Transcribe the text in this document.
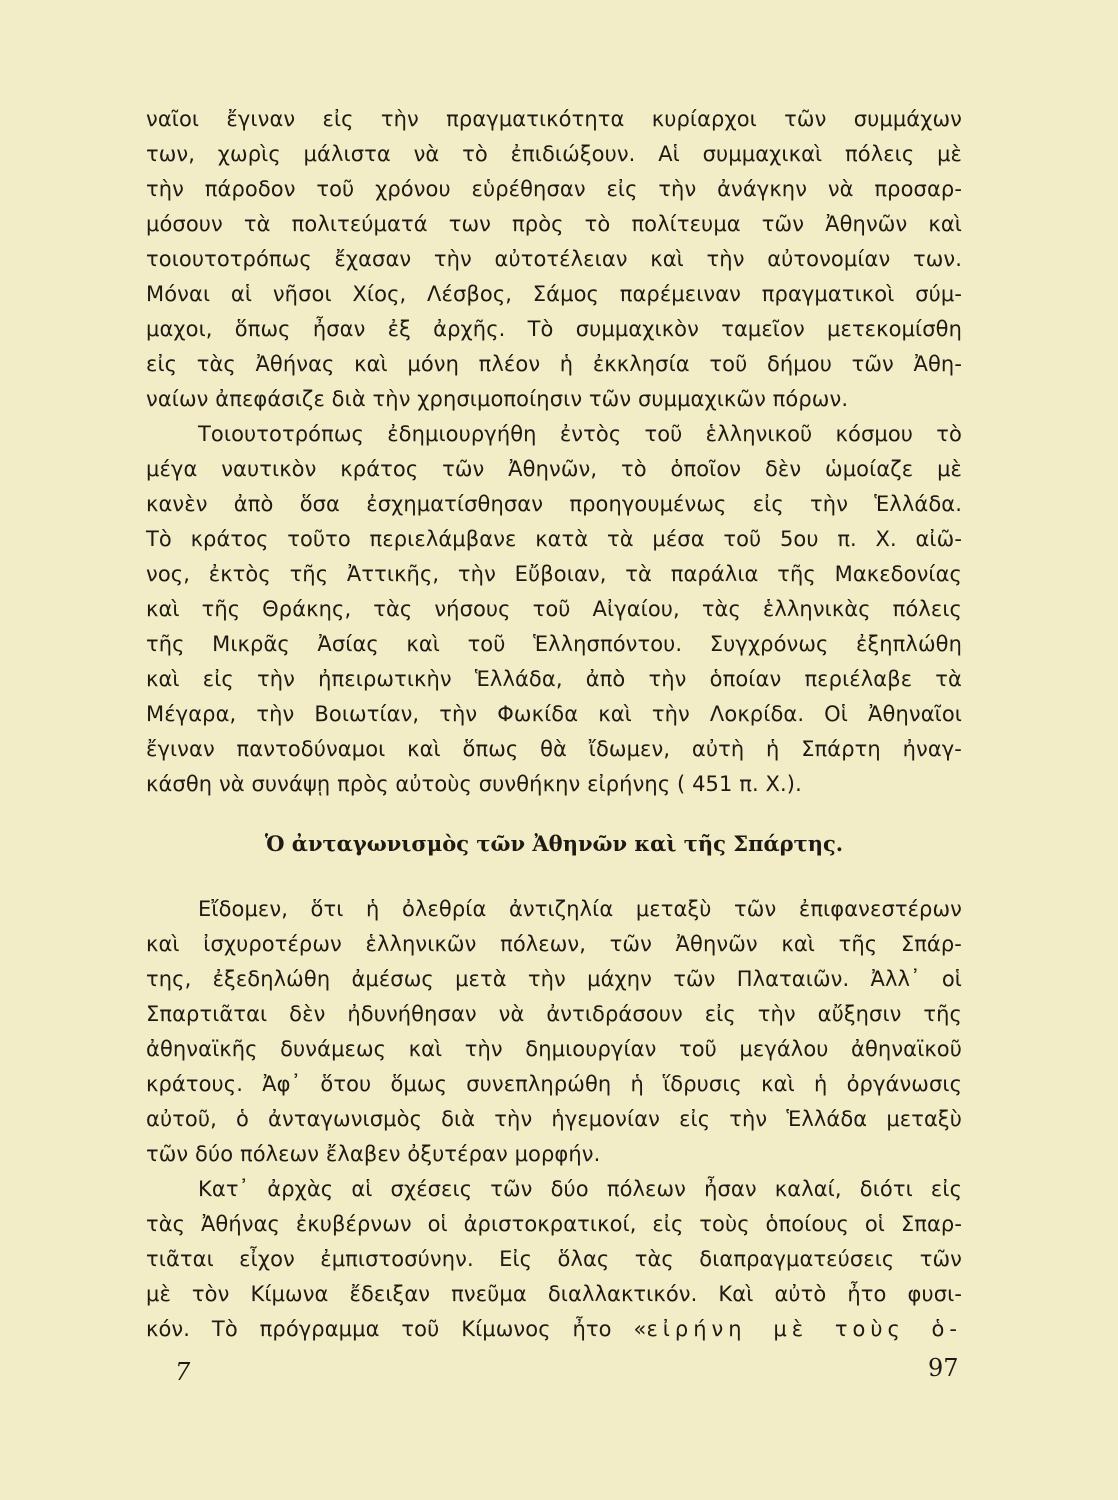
ναῖοι ἔγιναν εἰς τὴν πραγματικότητα κυρίαρχοι τῶν συμμάχων
των, χωρὶς μάλιστα νὰ τὸ ἐπιδιώξουν. Αἱ συμμαχικαὶ πόλεις μὲ
τὴν πάροδον τοῦ χρόνου εὑρέθησαν εἰς τὴν ἀνάγκην νὰ προσαρ-
μόσουν τὰ πολιτεύματά των πρὸς τὸ πολίτευμα τῶν Ἀθηνῶν καὶ
τοιουτοτρόπως ἔχασαν τὴν αὐτοτέλειαν καὶ τὴν αὐτονομίαν των.
Μόναι αἱ νῆσοι Χίος, Λέσβος, Σάμος παρέμειναν πραγματικοὶ σύμ-
μαχοι, ὅπως ἦσαν ἐξ ἀρχῆς. Τὸ συμμαχικὸν ταμεῖον μετεκομίσθη
εἰς τὰς Ἀθήνας καὶ μόνη πλέον ἡ ἐκκλησία τοῦ δήμου τῶν Ἀθη-
ναίων ἀπεφάσιζε διὰ τὴν χρησιμοποίησιν τῶν συμμαχικῶν πόρων.
Τοιουτοτρόπως ἐδημιουργήθη ἐντὸς τοῦ ἑλληνικοῦ κόσμου τὸ
μέγα ναυτικὸν κράτος τῶν Ἀθηνῶν, τὸ ὁποῖον δὲν ὡμοίαζε μὲ
κανὲν ἀπὸ ὅσα ἐσχηματίσθησαν προηγουμένως εἰς τὴν Ἑλλάδα.
Τὸ κράτος τοῦτο περιελάμβανε κατὰ τὰ μέσα τοῦ 5ου π. Χ. αἰῶ-
νος, ἐκτὸς τῆς Ἀττικῆς, τὴν Εὔβοιαν, τὰ παράλια τῆς Μακεδονίας
καὶ τῆς Θράκης, τὰς νήσους τοῦ Αἰγαίου, τὰς ἑλληνικὰς πόλεις
τῆς Μικρᾶς Ἀσίας καὶ τοῦ Ἑλλησπόντου. Συγχρόνως ἐξηπλώθη
καὶ εἰς τὴν ἠπειρωτικὴν Ἑλλάδα, ἀπὸ τὴν ὁποίαν περιέλαβε τὰ
Μέγαρα, τὴν Βοιωτίαν, τὴν Φωκίδα καὶ τὴν Λοκρίδα. Οἱ Ἀθηναῖοι
ἔγιναν παντοδύναμοι καὶ ὅπως θὰ ἴδωμεν, αὐτὴ ἡ Σπάρτη ἠναγ-
κάσθη νὰ συνάψῃ πρὸς αὐτοὺς συνθήκην εἰρήνης ( 451 π. Χ.).
Ὁ ἀνταγωνισμὸς τῶν Ἀθηνῶν καὶ τῆς Σπάρτης.
Εἴδομεν, ὅτι ἡ ὀλεθρία ἀντιζηλία μεταξὺ τῶν ἐπιφανεστέρων
καὶ ἰσχυροτέρων ἑλληνικῶν πόλεων, τῶν Ἀθηνῶν καὶ τῆς Σπάρ-
της, ἐξεδηλώθη ἀμέσως μετὰ τὴν μάχην τῶν Πλαταιῶν. Ἀλλ᾽ οἱ
Σπαρτιᾶται δὲν ἠδυνήθησαν νὰ ἀντιδράσουν εἰς τὴν αὔξησιν τῆς
ἀθηναϊκῆς δυνάμεως καὶ τὴν δημιουργίαν τοῦ μεγάλου ἀθηναϊκοῦ
κράτους. Ἀφ᾽ ὅτου ὅμως συνεπληρώθη ἡ ἵδρυσις καὶ ἡ ὀργάνωσις
αὐτοῦ, ὁ ἀνταγωνισμὸς διὰ τὴν ἡγεμονίαν εἰς τὴν Ἑλλάδα μεταξὺ
τῶν δύο πόλεων ἔλαβεν ὀξυτέραν μορφήν.
Κατ᾽ ἀρχὰς αἱ σχέσεις τῶν δύο πόλεων ἦσαν καλαί, διότι εἰς
τὰς Ἀθήνας ἐκυβέρνων οἱ ἀριστοκρατικοί, εἰς τοὺς ὁποίους οἱ Σπαρ-
τιᾶται εἶχον ἐμπιστοσύνην. Εἰς ὅλας τὰς διαπραγματεύσεις τῶν
μὲ τὸν Κίμωνα ἔδειξαν πνεῦμα διαλλακτικόν. Καὶ αὐτὸ ἦτο φυσι-
κόν. Τὸ πρόγραμμα τοῦ Κίμωνος ἦτο «εἰρήνη μὲ τοὺς ὁ-
7	97
